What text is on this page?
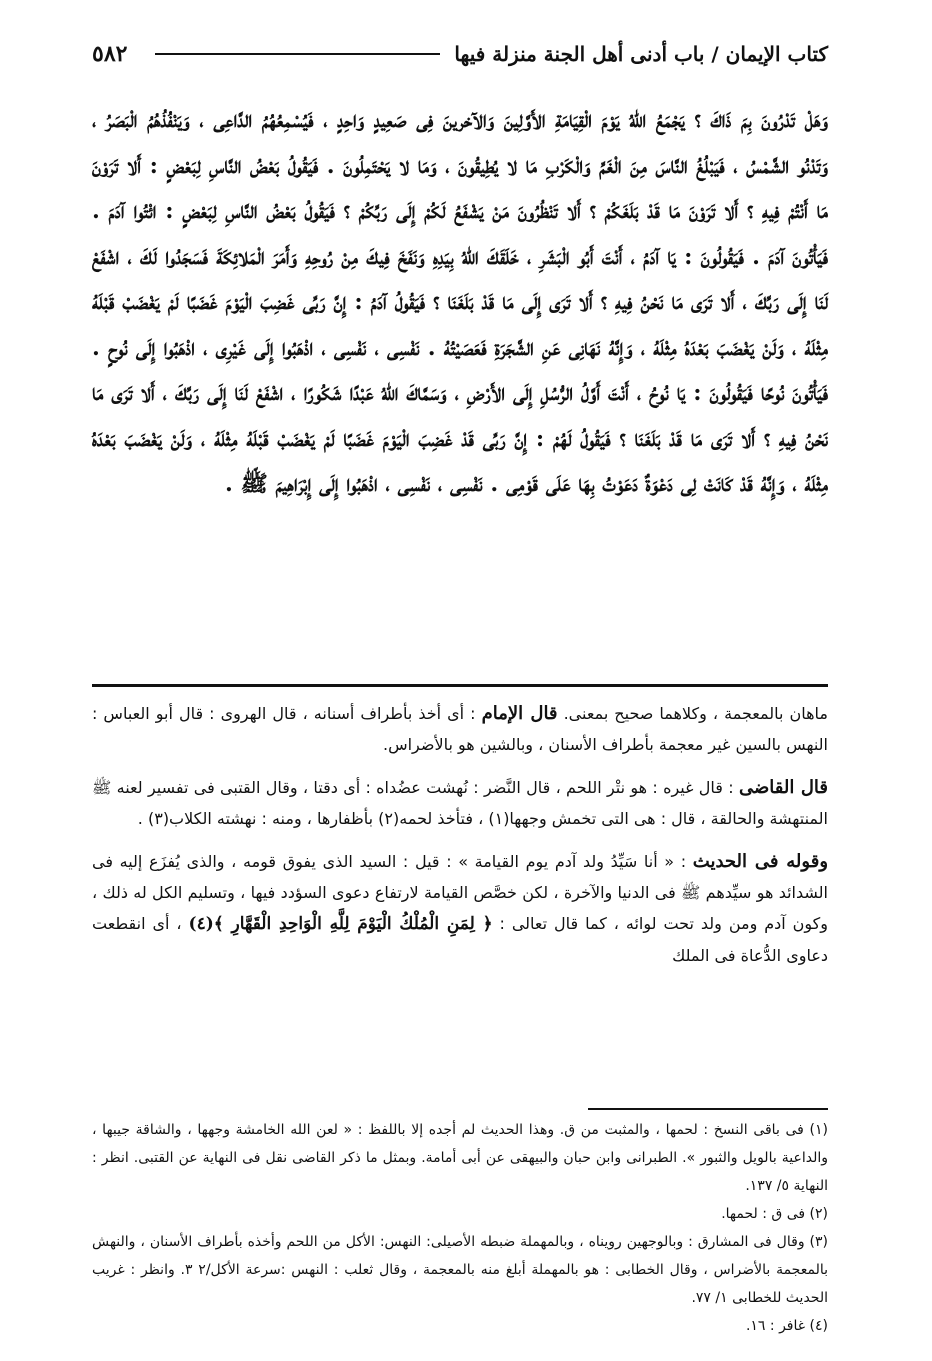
٥٨٢	كتاب الإيمان / باب أدنى أهل الجنة منزلة فيها

وَهَلْ تَدْرُونَ بِمَ ذَاكَ ؟ يَجْمَعُ اللهُ يَوْمَ الْقِيَامَةِ الأَوَّلِينَ وَالآخرينَ فِى صَعِيدٍ وَاحِدٍ ، فَيُسْمِعُهُمُ الدَّاعِى ، وَيَنْفُذُهُمُ الْبَصَرُ ، وَتَدْنُو الشَّمْسُ ، فَيَبْلُغُ النَّاسَ مِنَ الْغَمِّ وَالْكَرْبِ مَا لا يُطِيقُونَ ، وَمَا لا يَحْتَمِلُونَ . فَيَقُولُ بَعْضُ النَّاسِ لِبَعْضٍ : أَلا تَرَوْنَ مَا أَنْتُمْ فِيهِ ؟ أَلا تَرَوْنَ مَا قَدْ بَلَغَكُمْ ؟ أَلا تَنْظُرُونَ مَنْ يَشْفَعُ لَكُمْ إِلَى رَبِّكُمْ ؟ فَيَقُولُ بَعْضُ النَّاسِ لِبَعْضٍ : ائْتُوا آدَمَ . فَيَأْتُونَ آدَمَ . فَيَقُولُونَ : يَا آدَمُ ، أَنْتَ أَبُو الْبَشَرِ ، خَلَقَكَ اللهُ بِيَدِهِ وَنَفَخَ فِيكَ مِنْ رُوحِهِ وَأَمَرَ الْمَلائِكَةَ فَسَجَدُوا لَكَ ، اشْفَعْ لَنَا إِلَى رَبِّكَ ، أَلا تَرَى مَا نَحْنُ فِيهِ ؟ أَلا تَرَى إِلَى مَا قَدْ بَلَغَنَا ؟ فَيَقُولُ آدَمُ : إِنَّ رَبِّى غَضِبَ الْيَوْمَ غَضَبًا لَمْ يَغْضَبْ قَبْلَهُ مِثْلَهُ ، وَلَنْ يَغْضَبَ بَعْدَهُ مِثْلَهُ ، وَإِنَّهُ نَهَانِى عَنِ الشَّجَرَةِ فَعَصَيْتُهُ . نَفْسِى ، نَفْسِى ، اذْهَبُوا إِلَى غَيْرِى ، اذْهَبُوا إِلَى نُوحٍ . فَيَأْتُونَ نُوحًا فَيَقُولُونَ : يَا نُوحُ ، أَنْتَ أَوَّلُ الرُّسُلِ إِلَى الأَرْضِ ، وَسَمَّاكَ اللهُ عَبْدًا شَكُورًا ، اشْفَعْ لَنَا إِلَى رَبِّكَ ، أَلا تَرَى مَا نَحْنُ فِيهِ ؟ أَلا تَرَى مَا قَدْ بَلَغَنَا ؟ فَيَقُولُ لَهُمْ : إِنَّ رَبِّى قَدْ غَضِبَ الْيَوْمَ غَضَبًا لَمْ يَغْضَبْ قَبْلَهُ مِثْلَهُ ، وَلَنْ يَغْضَبَ بَعْدَهُ مِثْلَهُ ، وَإِنَّهُ قَدْ كَانَتْ لِى دَعْوَةٌ دَعَوْتُ بِهَا عَلَى قَوْمِى . نَفْسِى ، نَفْسِى ، اذْهَبُوا إِلَى إِبْرَاهِيمَ ﷺ .

ماهان بالمعجمة ، وكلاهما صحيح بمعنى. قال الإمام : أى أخذ بأطراف أسنانه ، قال الهروى : قال أبو العباس : النهس بالسين غير معجمة بأطراف الأسنان ، وبالشين هو بالأضراس.

قال القاضى : قال غيره : هو نتْر اللحم ، قال النَّضر : نُهشت عضُداه : أى دقتا ، وقال القتبى فى تفسير لعنه ﷺ المنتهشة والحالقة ، قال : هى التى تخمش وجهها(١) ، فتأخذ لحمه(٢) بأظفارها ، ومنه : نهشته الكلاب(٣) .

وقوله فى الحديث : « أنا سَيِّدُ ولد آدم يوم القيامة » : قيل : السيد الذى يفوق قومه ، والذى يُفزَع إليه فى الشدائد هو سيِّدهم ﷺ فى الدنيا والآخرة ، لكن خصَّص القيامة لارتفاع دعوى السؤدد فيها ، وتسليم الكل له ذلك ، وكون آدم ومن ولد تحت لوائه ، كما قال تعالى : ﴿ لِمَنِ الْمُلْكُ الْيَوْمَ لِلَّهِ الْوَاحِدِ الْقَهَّارِ ﴾(٤) ، أى انقطعت دعاوى الدُّعاة فى الملك

(١) فى باقى النسخ : لحمها ، والمثبت من ق. وهذا الحديث لم أجده إلا باللفظ : « لعن الله الخامشة وجهها ، والشاقة جيبها ، والداعية بالويل والثبور ». الطبرانى وابن حبان والبيهقى عن أبى أمامة. وبمثل ما ذكر القاضى نقل فى النهاية عن القتبى. انظر : النهاية ٥/ ١٣٧.

(٢) فى ق : لحمها.

(٣) وقال فى المشارق : وبالوجهين رويناه ، وبالمهملة ضبطه الأصيلى: النهس: الأكل من اللحم وأخذه بأطراف الأسنان ، والنهش بالمعجمة بالأضراس ، وقال الخطابى : هو بالمهملة أبلغ منه بالمعجمة ، وقال ثعلب : النهس :سرعة الأكل/٢ ٣. وانظر : غريب الحديث للخطابى ١/ ٧٧.

(٤) غافر : ١٦.
